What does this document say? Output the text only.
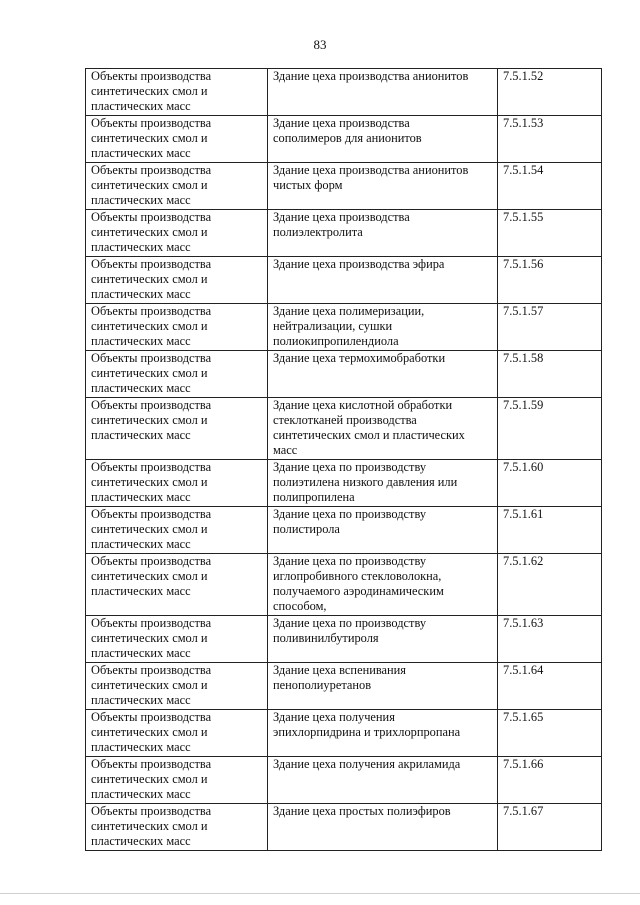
83
Объекты производства
синтетических смол и
пластических масс	Здание цеха производства анионитов	7.5.1.52
Объекты производства
синтетических смол и
пластических масс	Здание цеха производства
сополимеров для анионитов	7.5.1.53
Объекты производства
синтетических смол и
пластических масс	Здание цеха производства анионитов
чистых форм	7.5.1.54
Объекты производства
синтетических смол и
пластических масс	Здание цеха производства
полиэлектролита	7.5.1.55
Объекты производства
синтетических смол и
пластических масс	Здание цеха производства эфира	7.5.1.56
Объекты производства
синтетических смол и
пластических масс	Здание цеха полимеризации,
нейтрализации, сушки
полиокипропилендиола	7.5.1.57
Объекты производства
синтетических смол и
пластических масс	Здание цеха термохимобработки	7.5.1.58
Объекты производства
синтетических смол и
пластических масс	Здание цеха кислотной обработки
стеклотканей производства
синтетических смол и пластических
масс	7.5.1.59
Объекты производства
синтетических смол и
пластических масс	Здание цеха по производству
полиэтилена низкого давления или
полипропилена	7.5.1.60
Объекты производства
синтетических смол и
пластических масс	Здание цеха по производству
полистирола	7.5.1.61
Объекты производства
синтетических смол и
пластических масс	Здание цеха по производству
иглопробивного стекловолокна,
получаемого аэродинамическим
способом,	7.5.1.62
Объекты производства
синтетических смол и
пластических масс	Здание цеха по производству
поливинилбутироля	7.5.1.63
Объекты производства
синтетических смол и
пластических масс	Здание цеха вспенивания
пенополиуретанов	7.5.1.64
Объекты производства
синтетических смол и
пластических масс	Здание цеха получения
эпихлорпидрина и трихлорпропана	7.5.1.65
Объекты производства
синтетических смол и
пластических масс	Здание цеха получения акриламида	7.5.1.66
Объекты производства
синтетических смол и
пластических масс	Здание цеха простых полиэфиров	7.5.1.67
